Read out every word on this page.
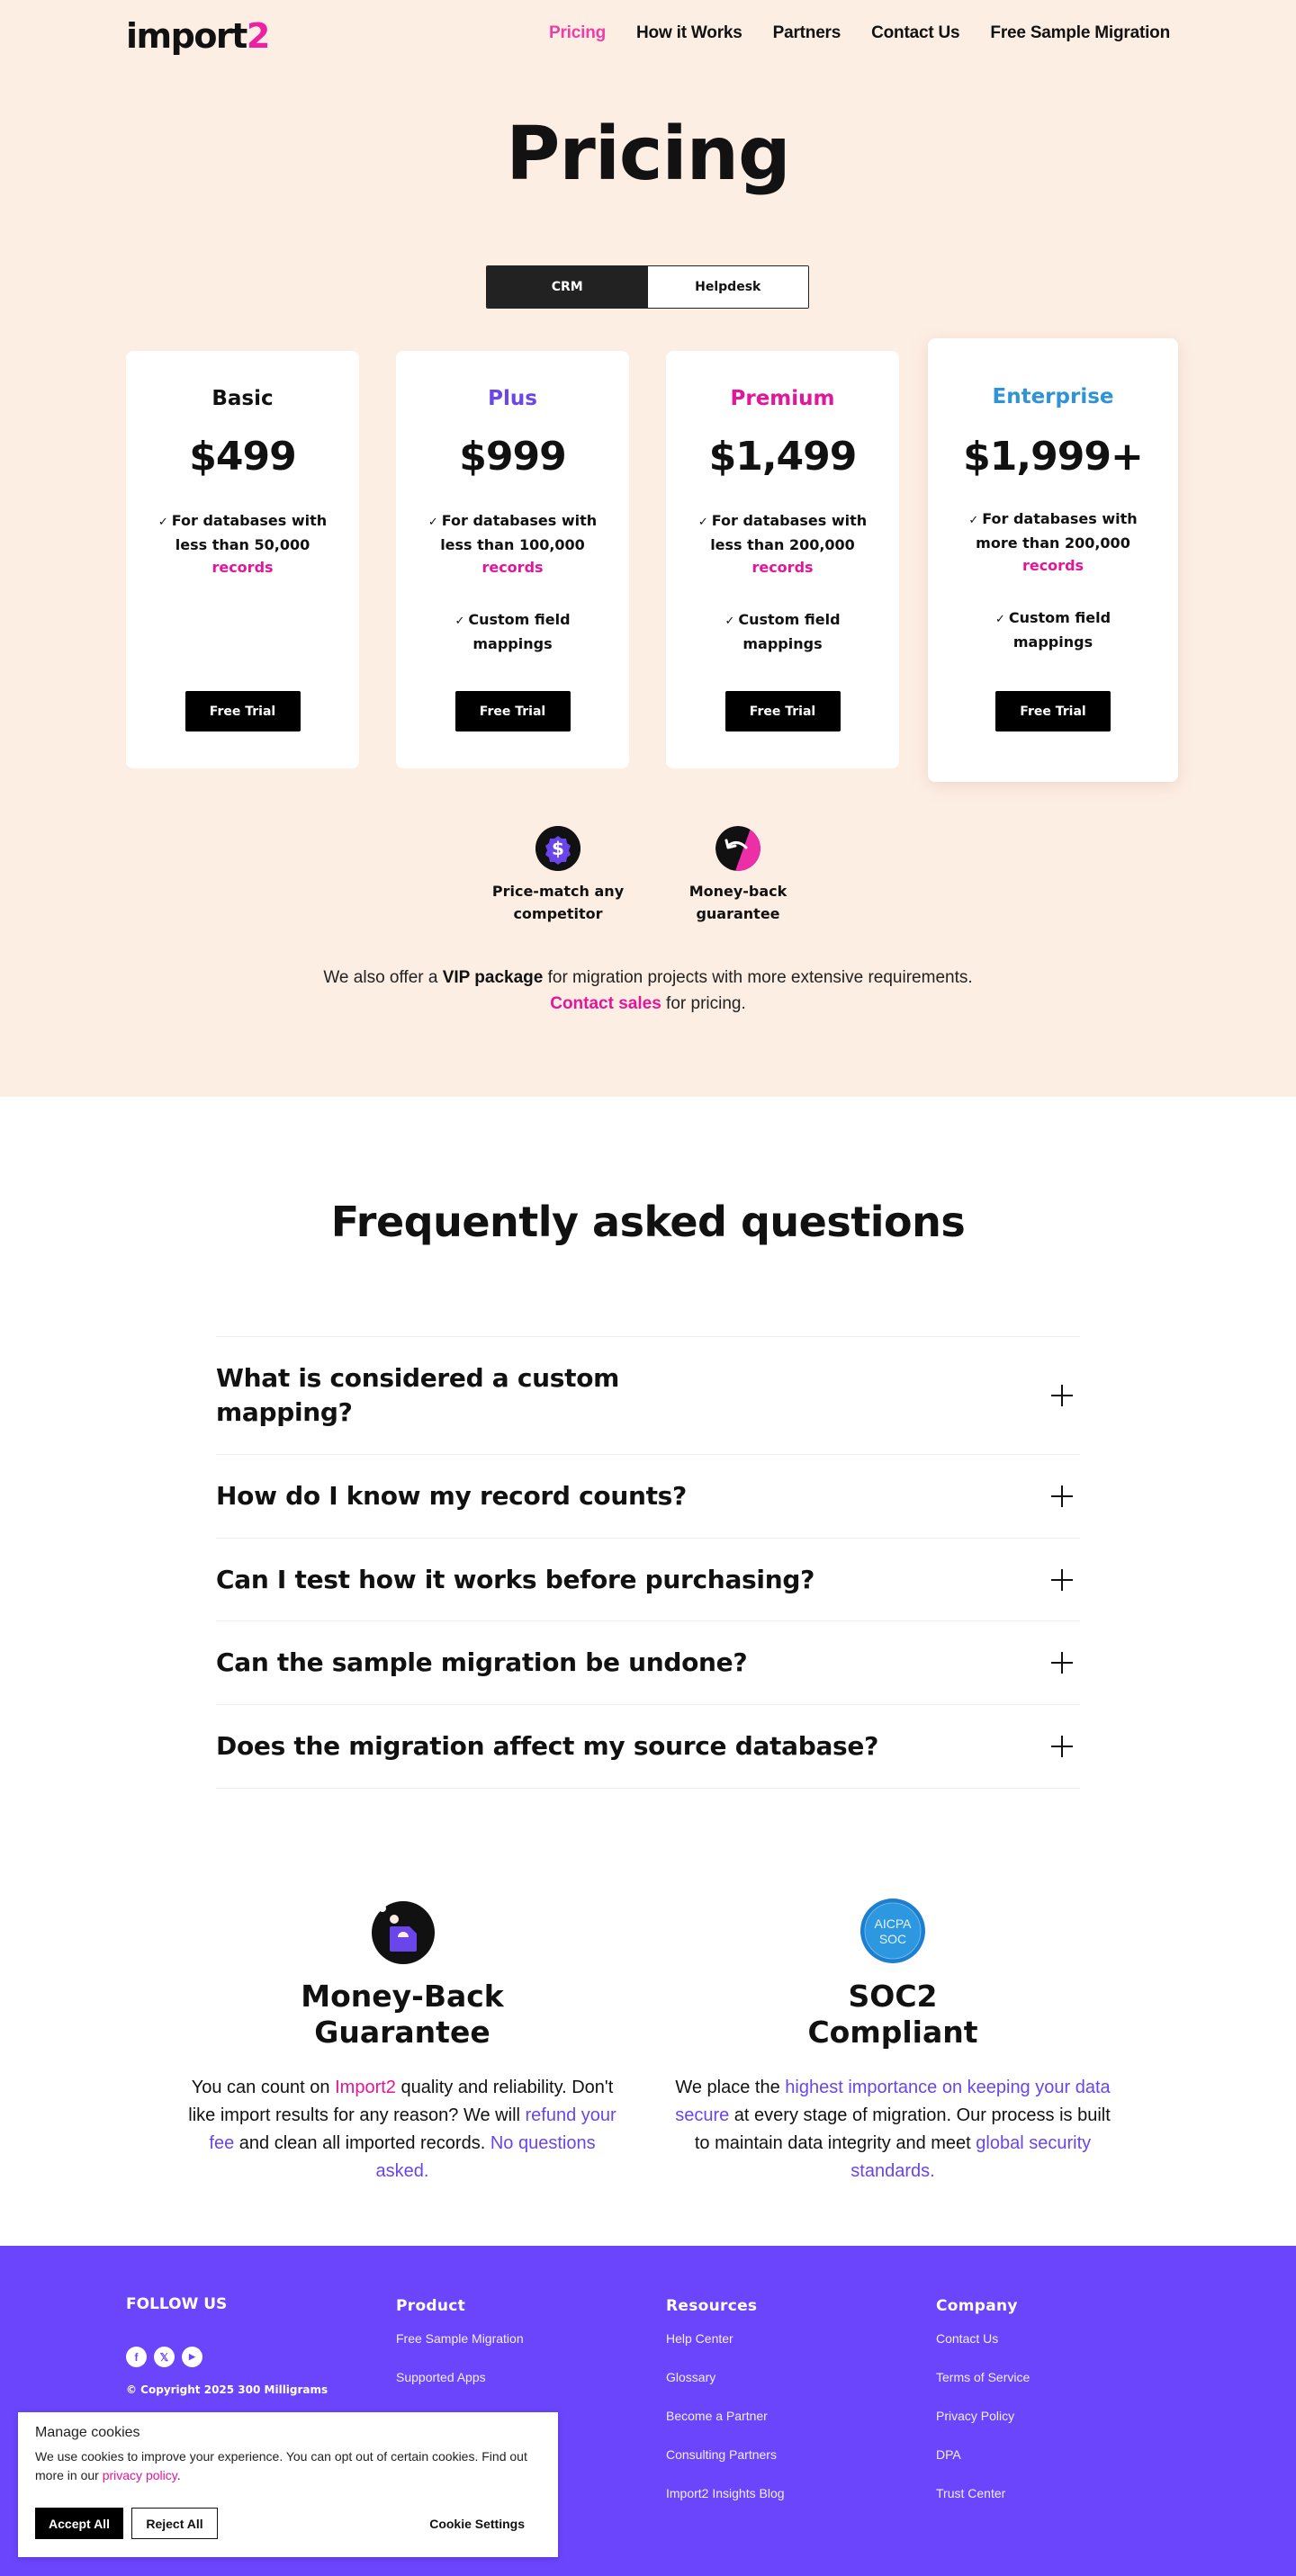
import2	Pricing How it Works Partners Contact Us Free Sample Migration
Pricing
CRM	Helpdesk
Basic
$499
✓ For databases with less than 50,000 records
Free Trial
Plus
$999
✓ For databases with less than 100,000 records
✓ Custom field mappings
Free Trial
Premium
$1,499
✓ For databases with less than 200,000 records
✓ Custom field mappings
Free Trial
Enterprise
$1,999+
✓ For databases with more than 200,000 records
✓ Custom field mappings
Free Trial
$
Price-match any competitor
Money-back guarantee

We also offer a VIP package for migration projects with more extensive requirements.
Contact sales for pricing.

Frequently asked questions
What is considered a custom mapping?
How do I know my record counts?
Can I test how it works before purchasing?
Can the sample migration be undone?
Does the migration affect my source database?
Money-Back
Guarantee

You can count on Import2 quality and reliability. Don't like import results for any reason? We will refund your fee and clean all imported records. No questions asked.

AICPA
SOC
SOC2
Compliant

We place the highest importance on keeping your data secure at every stage of migration. Our process is built to maintain data integrity and meet global security standards.

FOLLOW US
f	𝕏	▶
© Copyright 2025 300 Milligrams
Product
Free Sample Migration
Supported Apps
Resources
Help Center
Glossary
Become a Partner
Consulting Partners
Import2 Insights Blog
Company
Contact Us
Terms of Service
Privacy Policy
DPA
Trust Center
Manage cookies
We use cookies to improve your experience. You can opt out of certain cookies. Find out more in our privacy policy.
Accept All	Reject All	Cookie Settings
